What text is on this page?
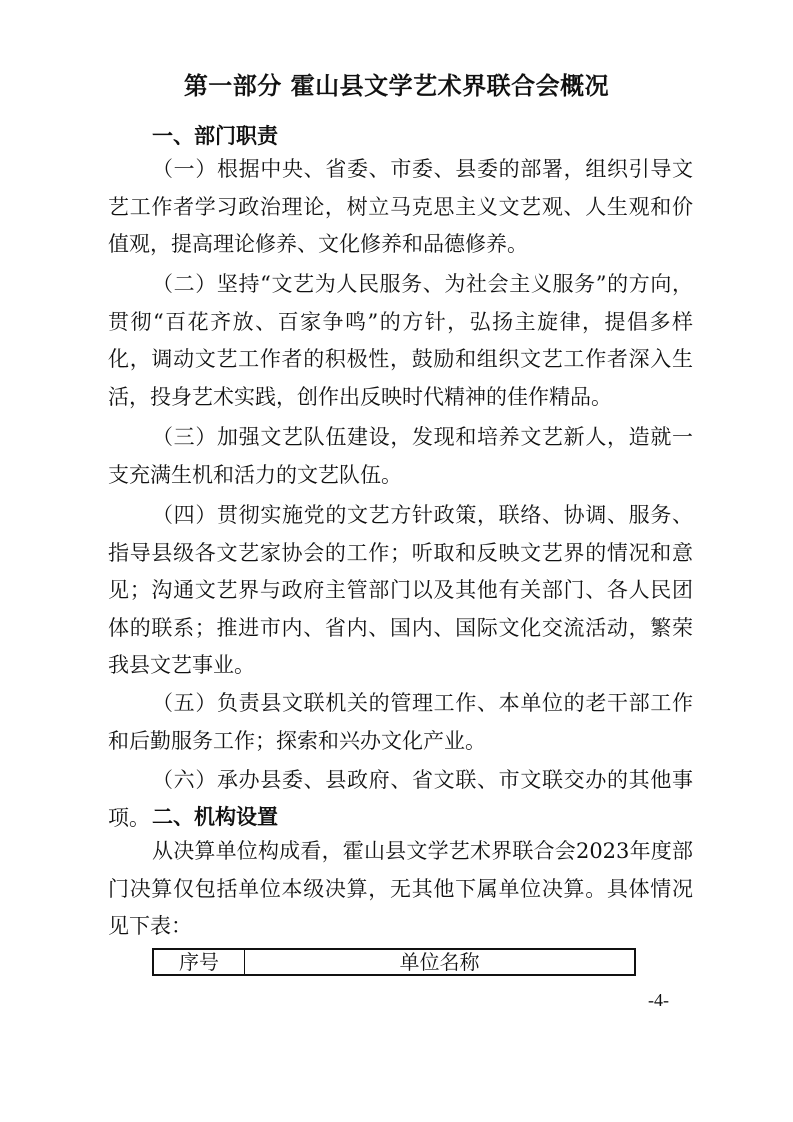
第一部分 霍山县文学艺术界联合会概况
一、部门职责

（一）根据中央、省委、市委、县委的部署，组织引导文艺工作者学习政治理论，树立马克思主义文艺观、人生观和价值观，提高理论修养、文化修养和品德修养。

（二）坚持“文艺为人民服务、为社会主义服务”的方向，贯彻“百花齐放、百家争鸣”的方针，弘扬主旋律，提倡多样化，调动文艺工作者的积极性，鼓励和组织文艺工作者深入生活，投身艺术实践，创作出反映时代精神的佳作精品。

（三）加强文艺队伍建设，发现和培养文艺新人，造就一支充满生机和活力的文艺队伍。

（四）贯彻实施党的文艺方针政策，联络、协调、服务、指导县级各文艺家协会的工作；听取和反映文艺界的情况和意见；沟通文艺界与政府主管部门以及其他有关部门、各人民团体的联系；推进市内、省内、国内、国际文化交流活动，繁荣我县文艺事业。

（五）负责县文联机关的管理工作、本单位的老干部工作和后勤服务工作；探索和兴办文化产业。

（六）承办县委、县政府、省文联、市文联交办的其他事项。 二、机构设置

从决算单位构成看，霍山县文学艺术界联合会2023年度部门决算仅包括单位本级决算，无其他下属单位决算。具体情况见下表：

序号	单位名称
-4-
